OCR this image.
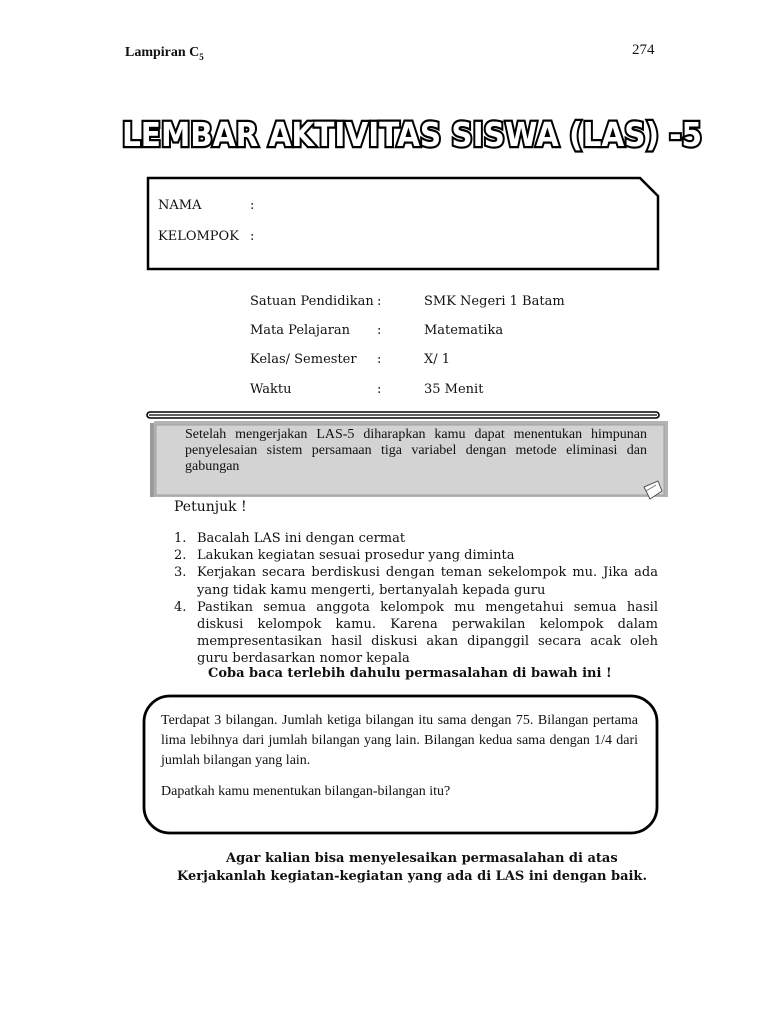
Lampiran $C_5$	274
LEMBAR AKTIVITAS SISWA (LAS) -5
NAMA	:
KELOMPOK :
Satuan Pendidikan :	SMK Negeri 1 Batam
Mata Pelajaran :	Matematika
Kelas/ Semester :	X/ 1
Waktu	:	35 Menit
Setelah mengerjakan LAS-5 diharapkan kamu dapat menentukan himpunan penyelesaian sistem persamaan tiga variabel dengan metode eliminasi dan gabungan
Petunjuk !
1. Bacalah LAS ini dengan cermat
2. Lakukan kegiatan sesuai prosedur yang diminta
3. Kerjakan secara berdiskusi dengan teman sekelompok mu. Jika ada yang tidak kamu mengerti, bertanyalah kepada guru
4. Pastikan semua anggota kelompok mu mengetahui semua hasil diskusi kelompok kamu. Karena perwakilan kelompok dalam mempresentasikan hasil diskusi akan dipanggil secara acak oleh guru berdasarkan nomor kepala
Coba baca terlebih dahulu permasalahan di bawah ini !
Terdapat 3 bilangan. Jumlah ketiga bilangan itu sama dengan 75. Bilangan pertama lima lebihnya dari jumlah bilangan yang lain. Bilangan kedua sama dengan 1/4 dari jumlah bilangan yang lain.
Dapatkah kamu menentukan bilangan-bilangan itu?
Agar kalian bisa menyelesaikan permasalahan di atas
Kerjakanlah kegiatan-kegiatan yang ada di LAS ini dengan baik.
